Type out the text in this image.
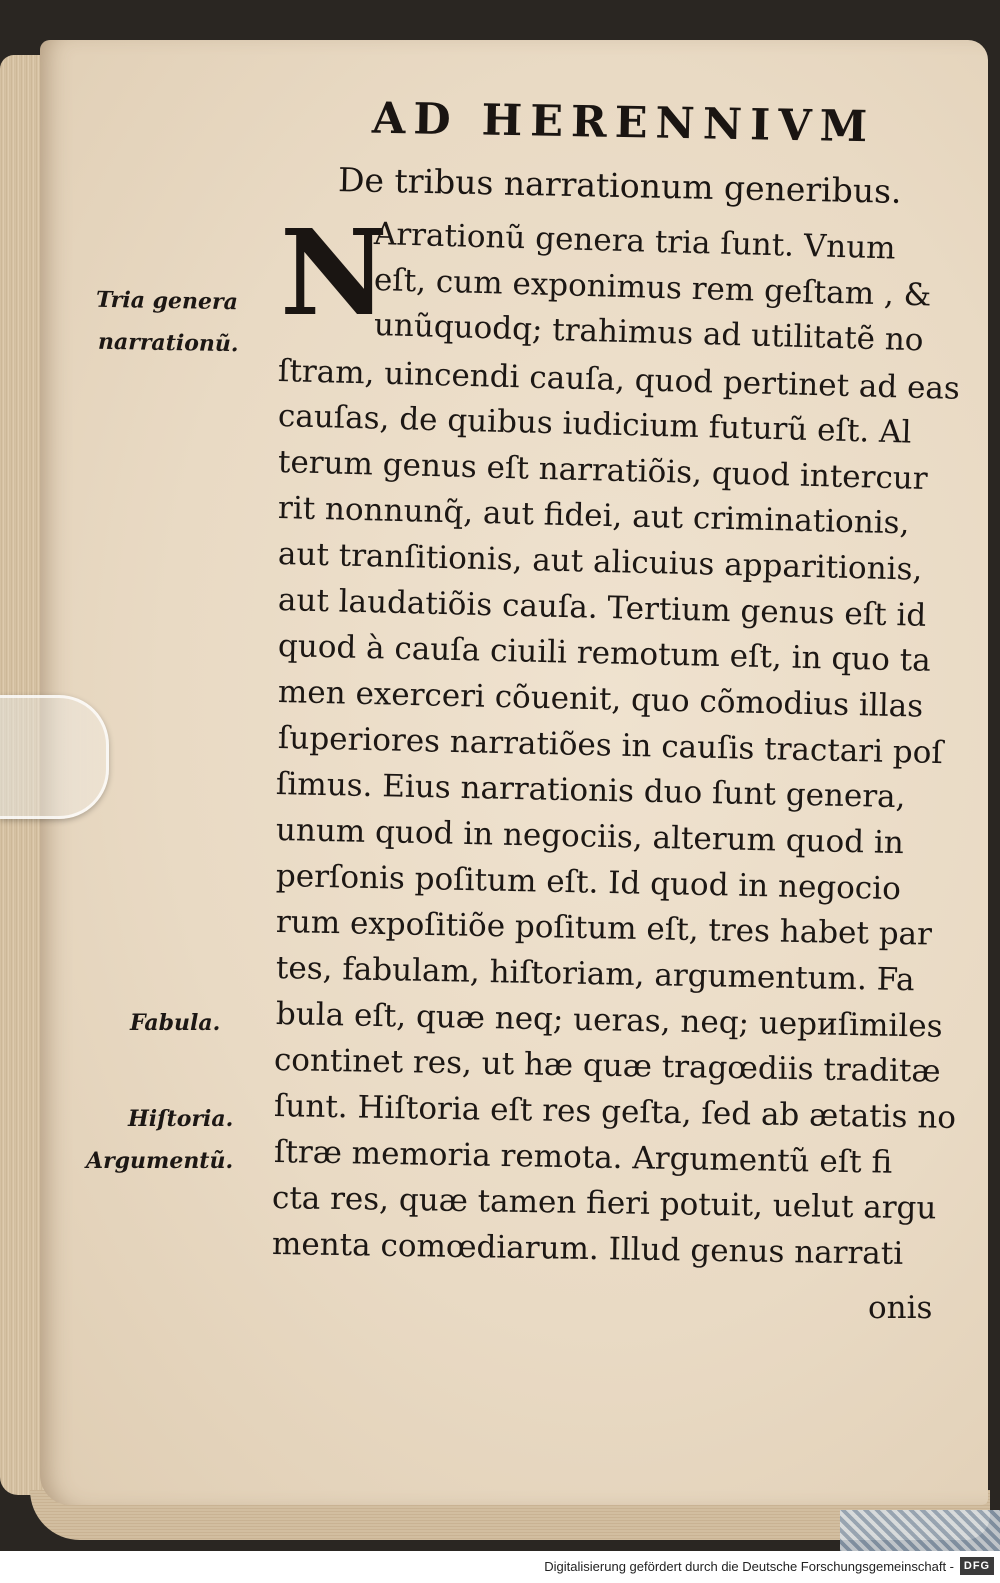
AD HERENNIVM
De tribus narrationum generibus.
N
Arrationũ genera tria ſunt. Vnum
eſt, cum exponimus rem geſtam , &
unũquodq; trahimus ad utilitatẽ no
ſtram, uincendi cauſa, quod pertinet ad eas
cauſas, de quibus iudicium futurũ eſt. Al
terum genus eſt narratiõis, quod intercur
rit nonnunq̃, aut fidei, aut criminationis,
aut tranſitionis, aut alicuius apparitionis,
aut laudatiõis cauſa. Tertium genus eſt id
quod à cauſa ciuili remotum eſt, in quo ta
men exerceri cõuenit, quo cõmodius illas
ſuperiores narratiões in cauſis tractari poſ
ſimus. Eius narrationis duo ſunt genera,
unum quod in negociis, alterum quod in
perſonis poſitum eſt. Id quod in negocio
rum expoſitiõe poſitum eſt, tres habet par
tes, fabulam, hiſtoriam, argumentum. Fa
bula eſt, quæ neq; ueras, neq; uериſimiles
continet res, ut hæ quæ tragœdiis traditæ
ſunt. Hiſtoria eſt res geſta, ſed ab ætatis no
ſtræ memoria remota. Argumentũ eſt fi
cta res, quæ tamen fieri potuit, uelut argu
menta comœdiarum. Illud genus narrati
onis
Tria genera
narrationũ.
Fabula.
Hiſtoria.
Argumentũ.
Digitalisierung gefördert durch die Deutsche Forschungsgemeinschaft - DFG
